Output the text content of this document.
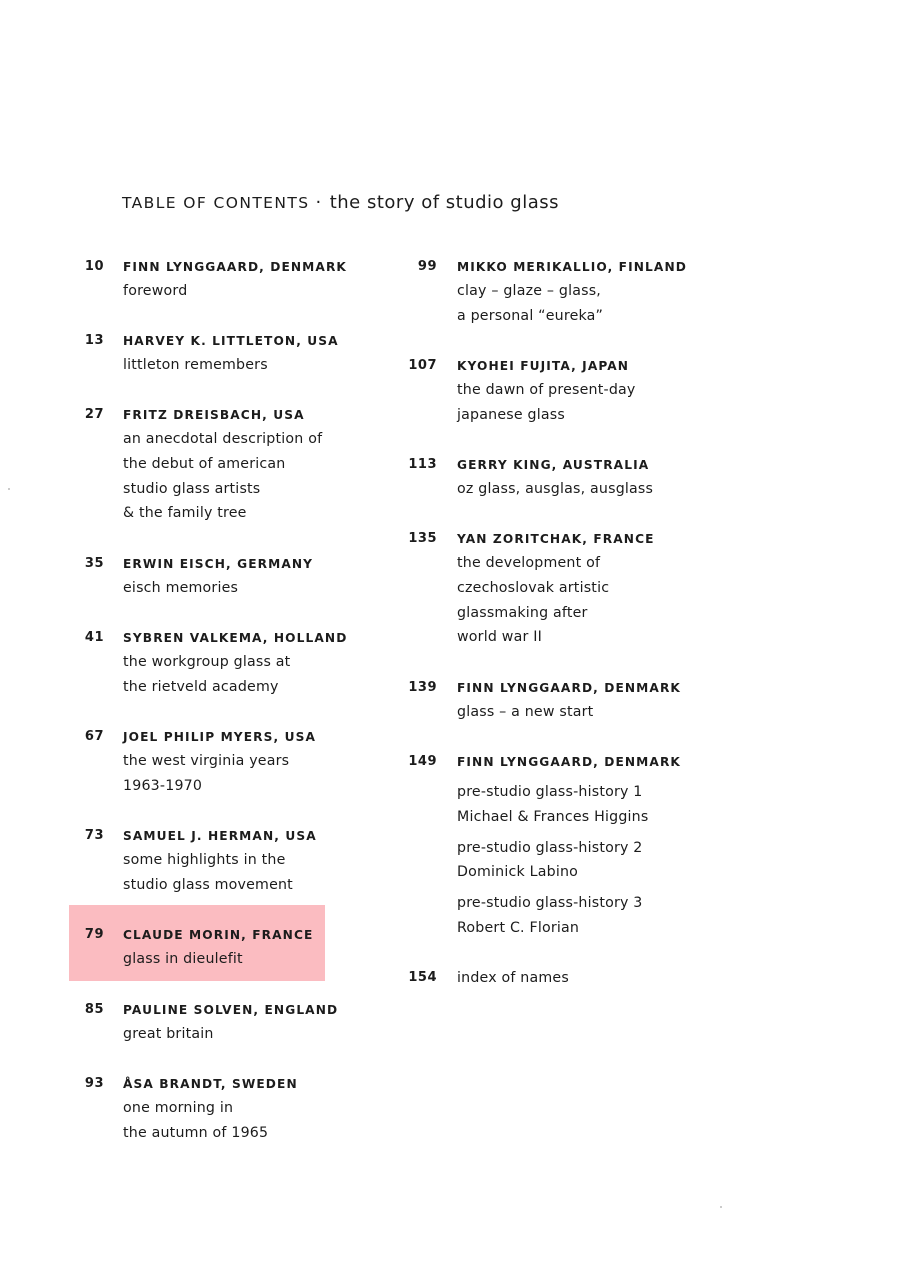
TABLE OF CONTENTS · the story of studio glass
10 FINN LYNGGAARD, DENMARK
foreword
13 HARVEY K. LITTLETON, USA
littleton remembers
27 FRITZ DREISBACH, USA
an anecdotal description of
the debut of american
studio glass artists
& the family tree
35 ERWIN EISCH, GERMANY
eisch memories
41 SYBREN VALKEMA, HOLLAND
the workgroup glass at
the rietveld academy
67 JOEL PHILIP MYERS, USA
the west virginia years
1963-1970
73 SAMUEL J. HERMAN, USA
some highlights in the
studio glass movement
79 CLAUDE MORIN, FRANCE
glass in dieulefit
85 PAULINE SOLVEN, ENGLAND
great britain
93 ÅSA BRANDT, SWEDEN
one morning in
the autumn of 1965
99 MIKKO MERIKALLIO, FINLAND
clay – glaze – glass,
a personal “eureka”
107 KYOHEI FUJITA, JAPAN
the dawn of present-day
japanese glass
113 GERRY KING, AUSTRALIA
oz glass, ausglas, ausglass
135 YAN ZORITCHAK, FRANCE
the development of
czechoslovak artistic
glassmaking after
world war II
139 FINN LYNGGAARD, DENMARK
glass – a new start
149 FINN LYNGGAARD, DENMARK
pre-studio glass-history 1
Michael & Frances Higgins
pre-studio glass-history 2
Dominick Labino
pre-studio glass-history 3
Robert C. Florian
154 index of names
